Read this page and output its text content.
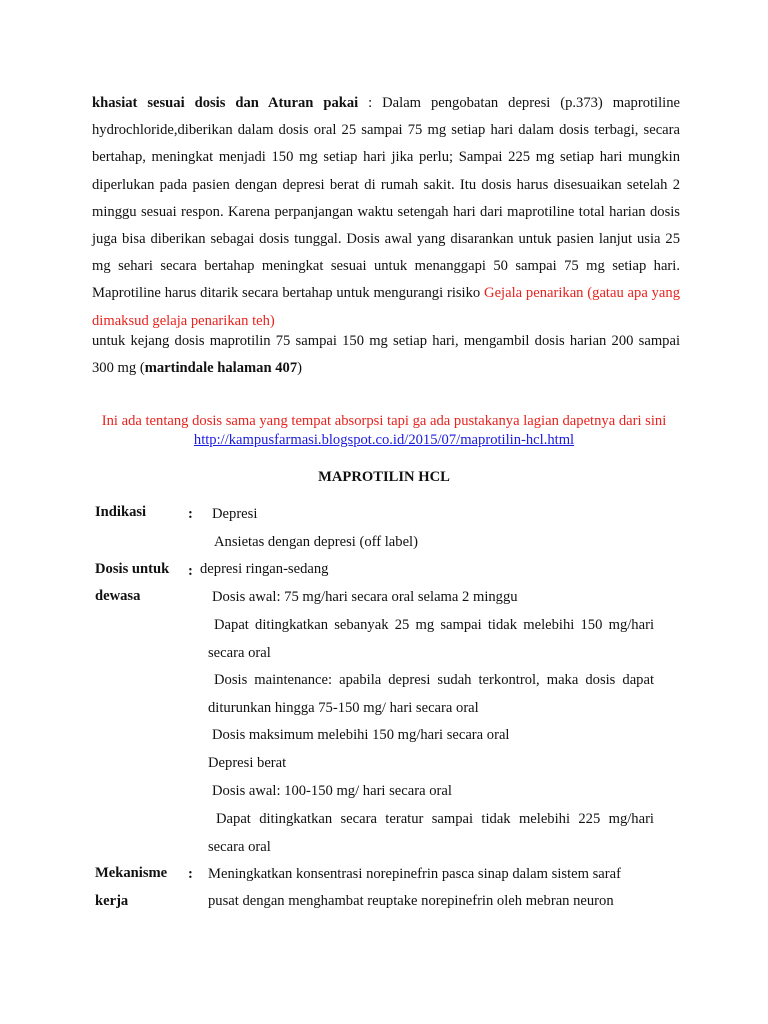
khasiat sesuai dosis dan Aturan pakai : Dalam pengobatan depresi (p.373) maprotiline hydrochloride,diberikan dalam dosis oral 25 sampai 75 mg setiap hari dalam dosis terbagi, secara bertahap, meningkat menjadi 150 mg setiap hari jika perlu; Sampai 225 mg setiap hari mungkin diperlukan pada pasien dengan depresi berat di rumah sakit. Itu dosis harus disesuaikan setelah 2 minggu sesuai respon. Karena perpanjangan waktu setengah hari dari maprotiline total harian dosis juga bisa diberikan sebagai dosis tunggal. Dosis awal yang disarankan untuk pasien lanjut usia 25 mg sehari secara bertahap meningkat sesuai untuk menanggapi 50 sampai 75 mg setiap hari. Maprotiline harus ditarik secara bertahap untuk mengurangi risiko Gejala penarikan (gatau apa yang dimaksud gelaja penarikan teh)

untuk kejang dosis maprotilin 75 sampai 150 mg setiap hari, mengambil dosis harian 200 sampai 300 mg (martindale halaman 407)

Ini ada tentang dosis sama yang tempat absorpsi tapi ga ada pustakanya lagian dapetnya dari sini
http://kampusfarmasi.blogspot.co.id/2015/07/maprotilin-hcl.html
MAPROTILIN HCL
Indikasi	: Depresi
Ansietas dengan depresi (off label)
Dosis untuk
dewasa
: depresi ringan-sedang
Dosis awal: 75 mg/hari secara oral selama 2 minggu
Dapat ditingkatkan sebanyak 25 mg sampai tidak melebihi 150 mg/hari
secara oral
Dosis maintenance: apabila depresi sudah terkontrol, maka dosis dapat
diturunkan hingga 75-150 mg/ hari secara oral
Dosis maksimum melebihi 150 mg/hari secara oral
Depresi berat
Dosis awal: 100-150 mg/ hari secara oral
Dapat ditingkatkan secara teratur sampai tidak melebihi 225 mg/hari
secara oral
Mekanisme
kerja
: Meningkatkan konsentrasi norepinefrin pasca sinap dalam sistem saraf
pusat dengan menghambat reuptake norepinefrin oleh mebran neuron
